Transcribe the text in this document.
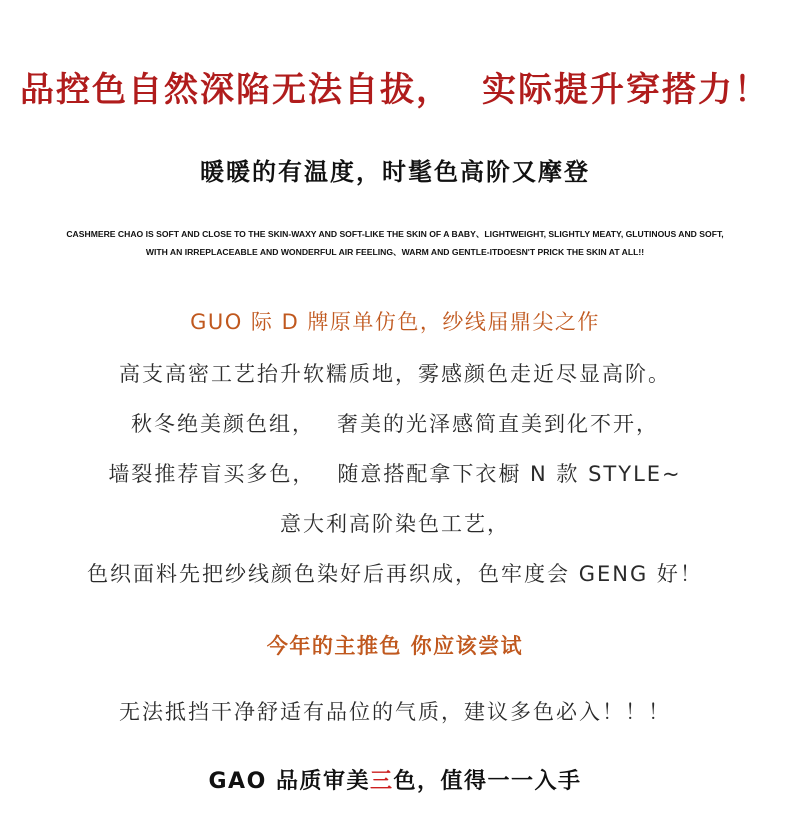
品控色自然深陷无法自拔， 实际提升穿搭力！
暖暖的有温度，时髦色高阶又摩登
CASHMERE CHAO IS SOFT AND CLOSE TO THE SKIN-WAXY AND SOFT-LIKE THE SKIN OF A BABY、LIGHTWEIGHT, SLIGHTLY MEATY, GLUTINOUS AND SOFT,
WITH AN IRREPLACEABLE AND WONDERFUL AIR FEELING、WARM AND GENTLE-ITDOESN'T PRICK THE SKIN AT ALL!!
GUO 际 D 牌原单仿色，纱线届鼎尖之作
高支高密工艺抬升软糯质地，雾感颜色走近尽显高阶。
秋冬绝美颜色组， 奢美的光泽感简直美到化不开，
墙裂推荐盲买多色， 随意搭配拿下衣橱 N 款 STYLE~
意大利高阶染色工艺，
色织面料先把纱线颜色染好后再织成，色牢度会 GENG 好！
今年的主推色 你应该尝试
无法抵挡干净舒适有品位的气质，建议多色必入！！！
GAO 品质审美三色，值得一一入手
